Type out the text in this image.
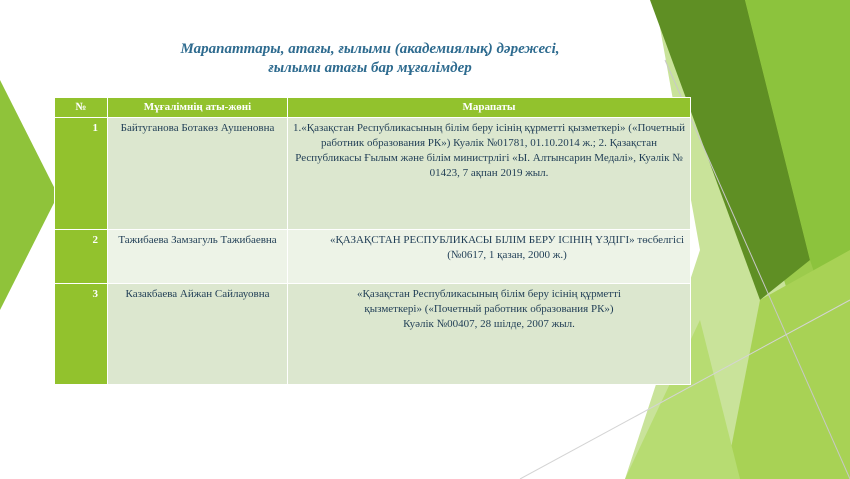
Марапаттары, атағы, ғылыми (академиялық) дәрежесі,
ғылыми атағы бар мұғалімдер
№	Мұғалімнің аты-жөні	Марапаты
1	Байтуганова Ботакөз Аушеновна	1.«Қазақстан Республикасының білім беру ісінің құрметті қызметкері» («Почетный работник образования РК») Куәлік №01781, 01.10.2014 ж.; 2. Қазақстан Республикасы Ғылым және білім министрлігі «Ы. Алтынсарин Медалі», Куәлік № 01423, 7 ақпан 2019 жыл.
2	Тажибаева Замзагуль Тажибаевна	«ҚАЗАҚСТАН РЕСПУБЛИКАСЫ БІЛІМ БЕРУ ІСІНІҢ ҮЗДІГІ» төсбелгісі (№0617, 1 қазан, 2000 ж.)
3	Казакбаева Айжан Сайлауовна	«Қазақстан Республикасының білім беру ісінің құрметті қызметкері» («Почетный работник образования РК») Куәлік №00407, 28 шілде, 2007 жыл.
